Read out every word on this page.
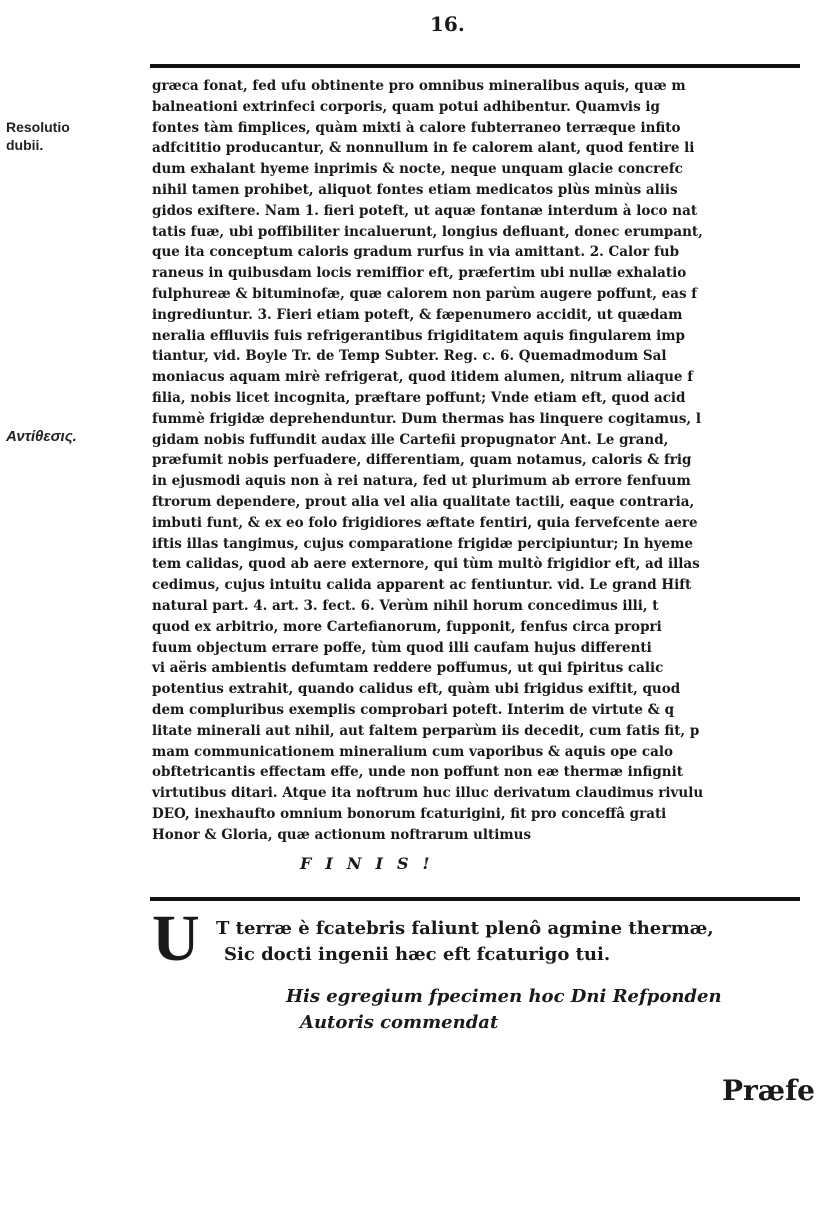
16.
Resolutio dubii.
Αντίθεσις.
græca fonat, fed ufu obtinente pro omnibus mineralibus aquis, quæ m
balneationi extrinfeci corporis, quam potui adhibentur. Quamvis ig
fontes tàm fimplices, quàm mixti à calore fubterraneo terræque infito
adfcititio producantur, & nonnullum in fe calorem alant, quod fentire li
dum exhalant hyeme inprimis & nocte, neque unquam glacie concrefc
nihil tamen prohibet, aliquot fontes etiam medicatos plùs minùs aliis
gidos exiftere. Nam 1. fieri poteft, ut aquæ fontanæ interdum à loco nat
tatis fuæ, ubi poffibiliter incaluerunt, longius defluant, donec erumpant,
que ita conceptum caloris gradum rurfus in via amittant. 2. Calor fub
raneus in quibusdam locis remiffior eft, præfertim ubi nullæ exhalatio
fulphureæ & bituminofæ, quæ calorem non parùm augere poffunt, eas f
ingrediuntur. 3. Fieri etiam poteft, & fæpenumero accidit, ut quædam
neralia effluviis fuis refrigerantibus frigiditatem aquis fingularem imp
tiantur, vid. Boyle Tr. de Temp Subter. Reg. c. 6. Quemadmodum Sal
moniacus aquam mirè refrigerat, quod itidem alumen, nitrum aliaque f
filia, nobis licet incognita, præftare poffunt; Vnde etiam eft, quod acid
fummè frigidæ deprehenduntur. Dum thermas has linquere cogitamus, l
gidam nobis fuffundit audax ille Cartefii propugnator Ant. Le grand,
præfumit nobis perfuadere, differentiam, quam notamus, caloris & frig
in ejusmodi aquis non à rei natura, fed ut plurimum ab errore fenfuum
ftrorum dependere, prout alia vel alia qualitate tactili, eaque contraria,
imbuti funt, & ex eo folo frigidiores æftate fentiri, quia fervefcente aere
iftis illas tangimus, cujus comparatione frigidæ percipiuntur; In hyeme
tem calidas, quod ab aere externore, qui tùm multò frigidior eft, ad illas
cedimus, cujus intuitu calida apparent ac fentiuntur. vid. Le grand Hift
natural part. 4. art. 3. fect. 6. Verùm nihil horum concedimus illi, t
quod ex arbitrio, more Cartefianorum, fupponit, fenfus circa propri
fuum objectum errare poffe, tùm quod illi caufam hujus differenti
vi aëris ambientis defumtam reddere poffumus, ut qui fpiritus calic
potentius extrahit, quando calidus eft, quàm ubi frigidus exiftit, quod
dem compluribus exemplis comprobari poteft. Interim de virtute & q
litate minerali aut nihil, aut faltem perparùm iis decedit, cum fatis fit, p
mam communicationem mineralium cum vaporibus & aquis ope calo
obftetricantis effectam effe, unde non poffunt non eæ thermæ infignit
virtutibus ditari. Atque ita noftrum huc illuc derivatum claudimus rivulu
DEO, inexhaufto omnium bonorum fcaturigini, fit pro conceffâ grati
Honor & Gloria, quæ actionum noftrarum ultimus
FINIS!
U T terræ è fcatebris faliunt plenô agmine thermæ,
Sic docti ingenii hæc eft fcaturigo tui.
His egregium fpecimen hoc Dni Refponden
Autoris commendat
Præfe
